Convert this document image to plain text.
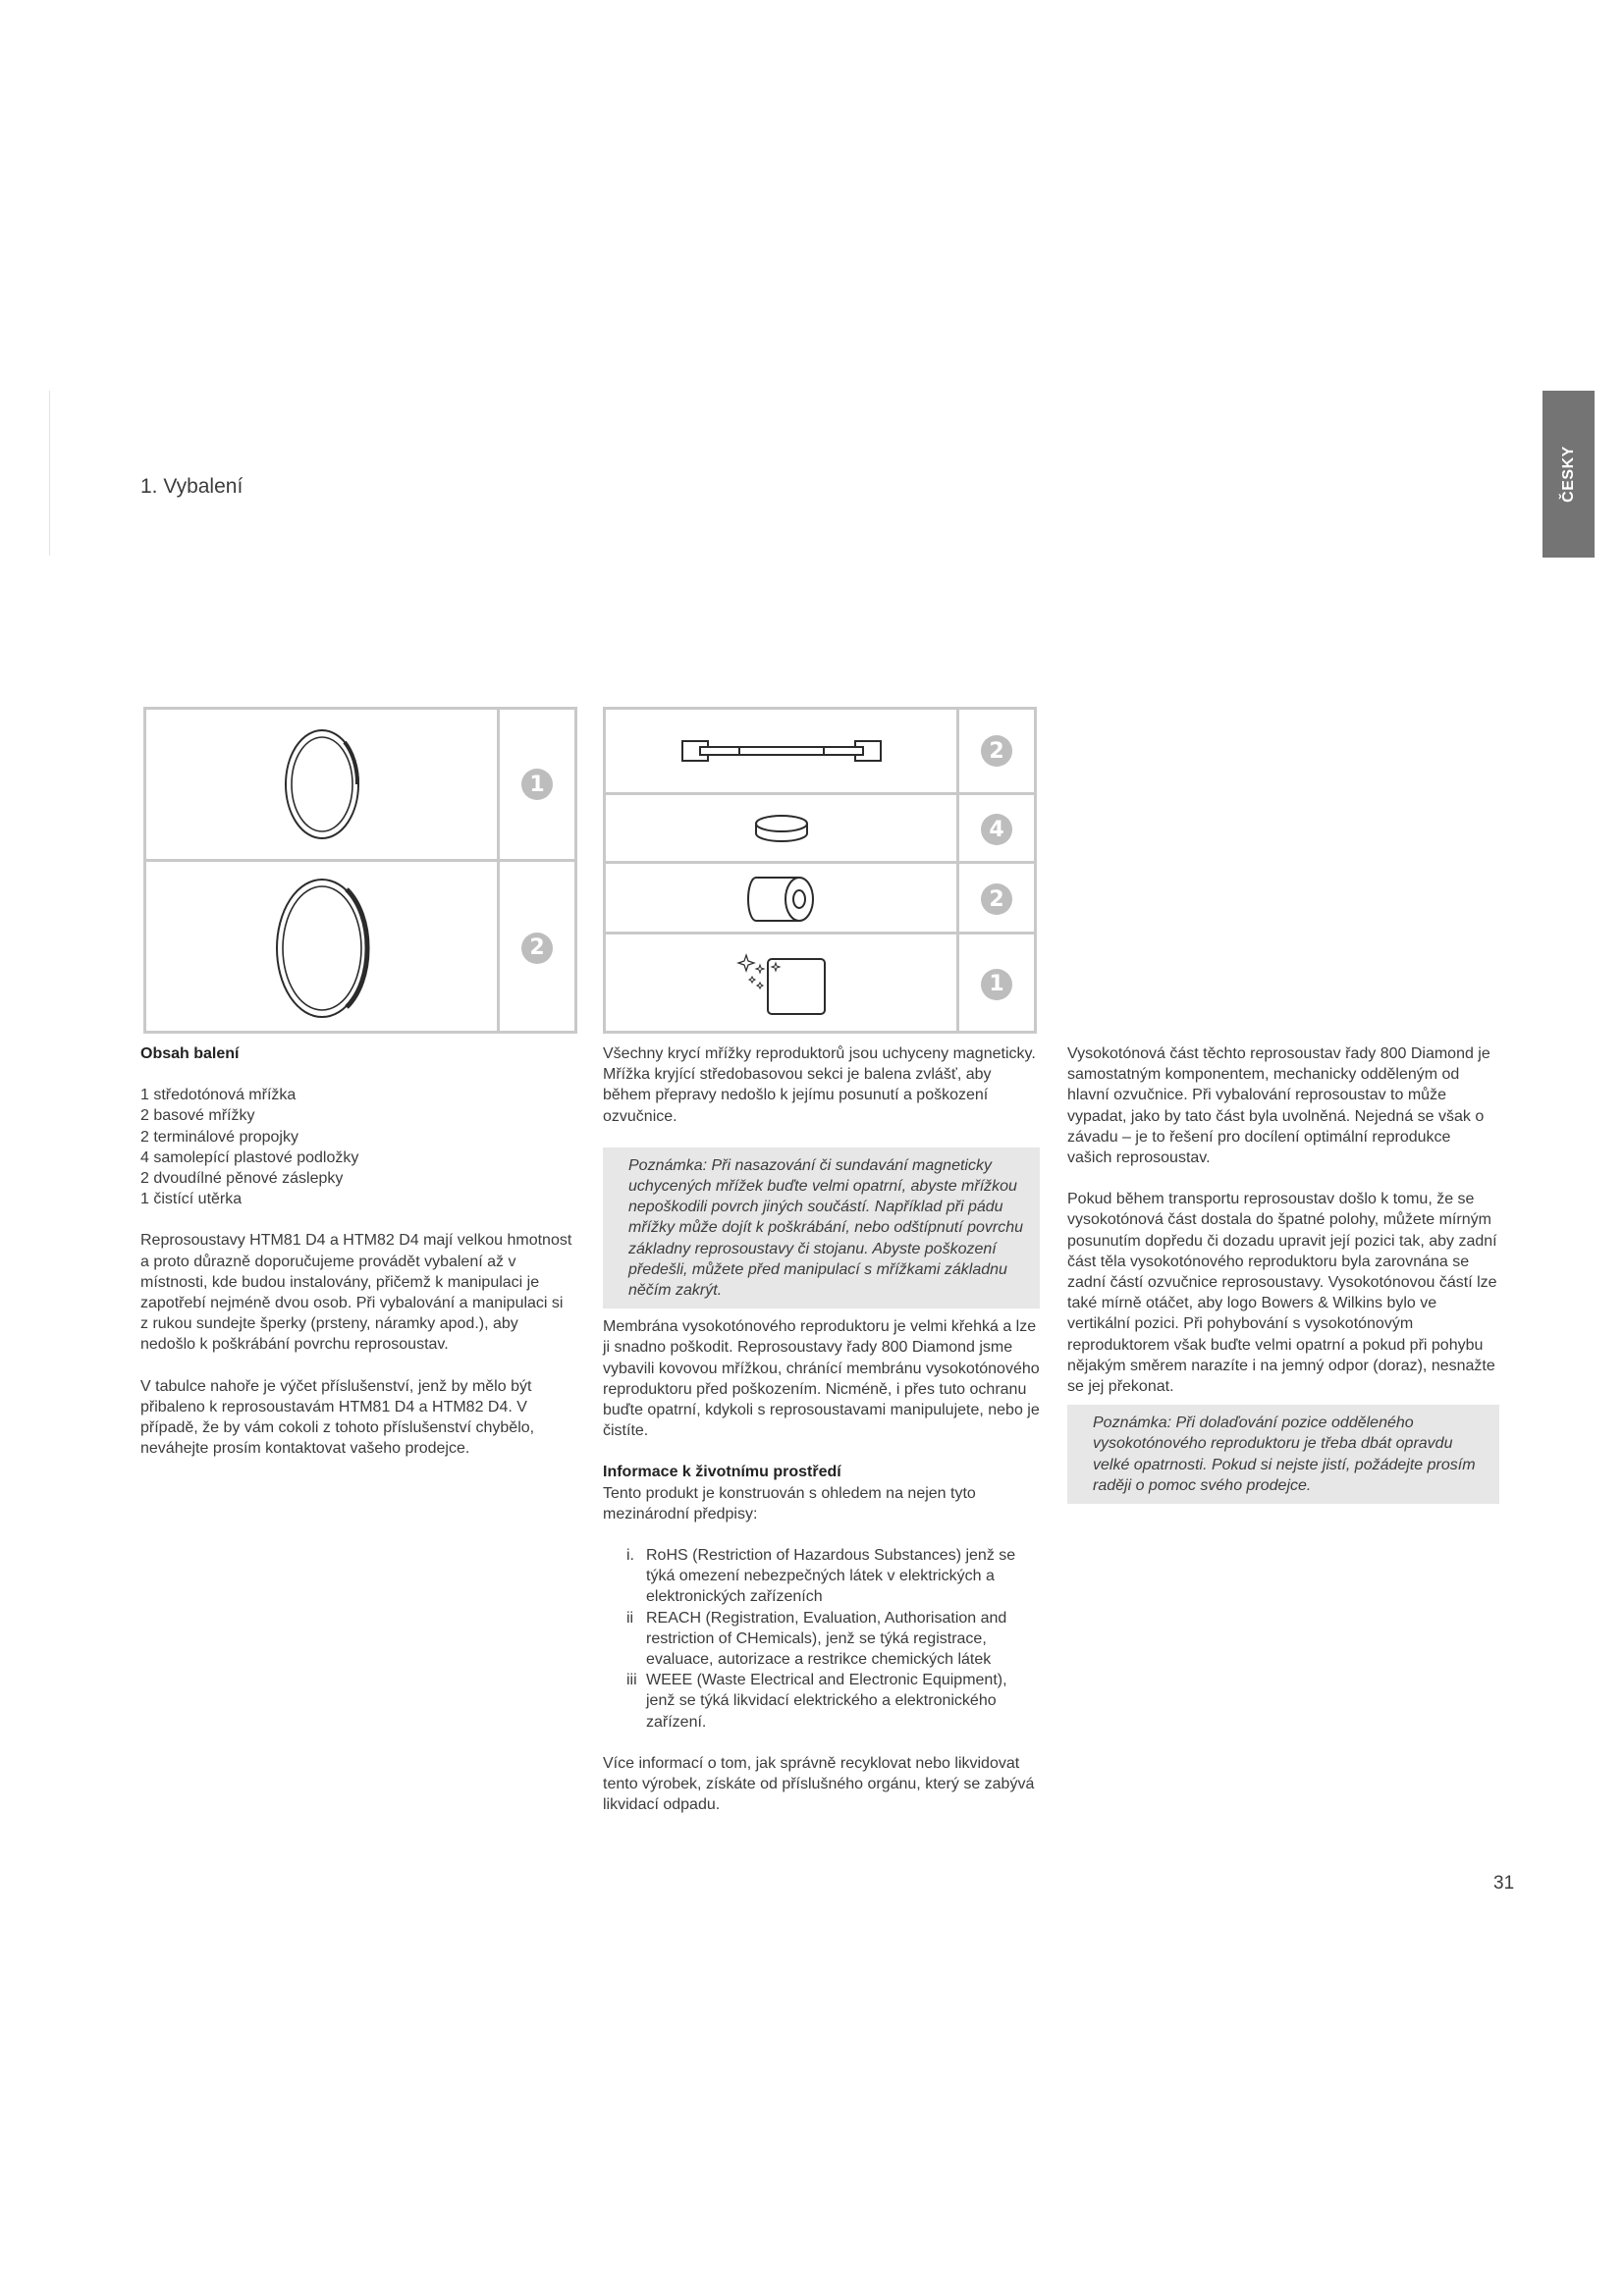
1. Vybalení	ČESKY
1
2
2
4
2
1
Obsah balení
1 středotónová mřížka
2 basové mřížky
2 terminálové propojky
4 samolepící plastové podložky
2 dvoudílné pěnové záslepky
1 čistící utěrka

Reprosoustavy HTM81 D4 a HTM82 D4 mají velkou hmotnost a proto důrazně doporučujeme provádět vybalení až v místnosti, kde budou instalovány, přičemž k manipulaci je zapotřebí nejméně dvou osob. Při vybalování a manipulaci si z rukou sundejte šperky (prsteny, náramky apod.), aby nedošlo k poškrábání povrchu reprosoustav.

V tabulce nahoře je výčet příslušenství, jenž by mělo být přibaleno k reprosoustavám HTM81 D4 a HTM82 D4. V případě, že by vám cokoli z tohoto příslušenství chybělo, neváhejte prosím kontaktovat vašeho prodejce.

Všechny krycí mřížky reproduktorů jsou uchyceny magneticky. Mřížka kryjící středobasovou sekci je balena zvlášť, aby během přepravy nedošlo k jejímu posunutí a poškození ozvučnice.

Poznámka: Při nasazování či sundavání magneticky uchycených mřížek buďte velmi opatrní, abyste mřížkou nepoškodili povrch jiných součástí. Například při pádu mřížky může dojít k poškrábání, nebo odštípnutí povrchu základny reprosoustavy či stojanu. Abyste poškození předešli, můžete před manipulací s mřížkami základnu něčím zakrýt.

Membrána vysokotónového reproduktoru je velmi křehká a lze ji snadno poškodit. Reprosoustavy řady 800 Diamond jsme vybavili kovovou mřížkou, chránící membránu vysokotónového reproduktoru před poškozením. Nicméně, i přes tuto ochranu buďte opatrní, kdykoli s reprosoustavami manipulujete, nebo je čistíte.

Informace k životnímu prostředí

Tento produkt je konstruován s ohledem na nejen tyto mezinárodní předpisy:

i. RoHS (Restriction of Hazardous Substances) jenž se týká omezení nebezpečných látek v elektrických a elektronických zařízeních
ii REACH (Registration, Evaluation, Authorisation and restriction of CHemicals), jenž se týká registrace, evaluace, autorizace a restrikce chemických látek
iii WEEE (Waste Electrical and Electronic Equipment), jenž se týká likvidací elektrického a elektronického zařízení.

Více informací o tom, jak správně recyklovat nebo likvidovat tento výrobek, získáte od příslušného orgánu, který se zabývá likvidací odpadu.

Vysokotónová část těchto reprosoustav řady 800 Diamond je samostatným komponentem, mechanicky odděleným od hlavní ozvučnice. Při vybalování reprosoustav to může vypadat, jako by tato část byla uvolněná. Nejedná se však o závadu – je to řešení pro docílení optimální reprodukce vašich reprosoustav.

Pokud během transportu reprosoustav došlo k tomu, že se vysokotónová část dostala do špatné polohy, můžete mírným posunutím dopředu či dozadu upravit její pozici tak, aby zadní část těla vysokotónového reproduktoru byla zarovnána se zadní částí ozvučnice reprosoustavy. Vysokotónovou částí lze také mírně otáčet, aby logo Bowers & Wilkins bylo ve vertikální pozici. Při pohybování s vysokotónovým reproduktorem však buďte velmi opatrní a pokud při pohybu nějakým směrem narazíte i na jemný odpor (doraz), nesnažte se jej překonat.

Poznámka: Při dolaďování pozice odděleného vysokotónového reproduktoru je třeba dbát opravdu velké opatrnosti. Pokud si nejste jistí, požádejte prosím raději o pomoc svého prodejce.

31
